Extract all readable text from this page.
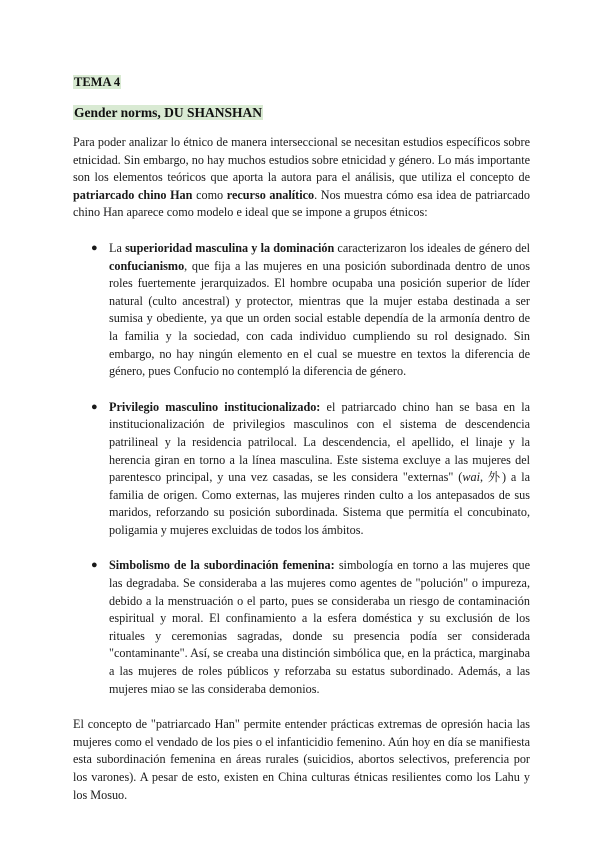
TEMA 4
Gender norms, DU SHANSHAN

Para poder analizar lo étnico de manera interseccional se necesitan estudios específicos sobre etnicidad. Sin embargo, no hay muchos estudios sobre etnicidad y género. Lo más importante son los elementos teóricos que aporta la autora para el análisis, que utiliza el concepto de patriarcado chino Han como recurso analítico. Nos muestra cómo esa idea de patriarcado chino Han aparece como modelo e ideal que se impone a grupos étnicos:

● La superioridad masculina y la dominación caracterizaron los ideales de género del confucianismo, que fija a las mujeres en una posición subordinada dentro de unos roles fuertemente jerarquizados. El hombre ocupaba una posición superior de líder natural (culto ancestral) y protector, mientras que la mujer estaba destinada a ser sumisa y obediente, ya que un orden social estable dependía de la armonía dentro de la familia y la sociedad, con cada individuo cumpliendo su rol designado. Sin embargo, no hay ningún elemento en el cual se muestre en textos la diferencia de género, pues Confucio no contempló la diferencia de género.
● Privilegio masculino institucionalizado: el patriarcado chino han se basa en la institucionalización de privilegios masculinos con el sistema de descendencia patrilineal y la residencia patrilocal. La descendencia, el apellido, el linaje y la herencia giran en torno a la línea masculina. Este sistema excluye a las mujeres del parentesco principal, y una vez casadas, se les considera "externas" (wai, 外) a la familia de origen. Como externas, las mujeres rinden culto a los antepasados de sus maridos, reforzando su posición subordinada. Sistema que permitía el concubinato, poligamia y mujeres excluidas de todos los ámbitos.
● Simbolismo de la subordinación femenina: simbología en torno a las mujeres que las degradaba. Se consideraba a las mujeres como agentes de "polución" o impureza, debido a la menstruación o el parto, pues se consideraba un riesgo de contaminación espiritual y moral. El confinamiento a la esfera doméstica y su exclusión de los rituales y ceremonias sagradas, donde su presencia podía ser considerada "contaminante". Así, se creaba una distinción simbólica que, en la práctica, marginaba a las mujeres de roles públicos y reforzaba su estatus subordinado. Además, a las mujeres miao se las consideraba demonios.

El concepto de "patriarcado Han" permite entender prácticas extremas de opresión hacia las mujeres como el vendado de los pies o el infanticidio femenino. Aún hoy en día se manifiesta esta subordinación femenina en áreas rurales (suicidios, abortos selectivos, preferencia por los varones). A pesar de esto, existen en China culturas étnicas resilientes como los Lahu y los Mosuo.
